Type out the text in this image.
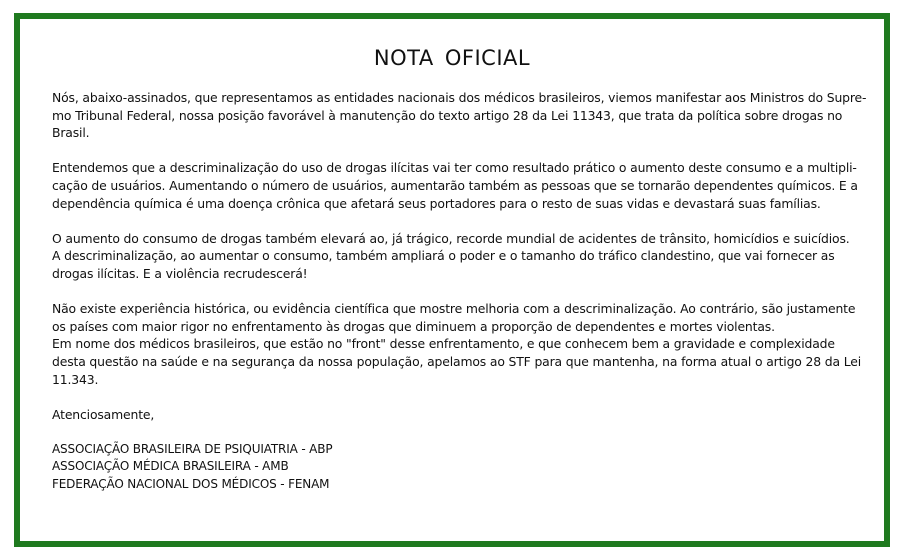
NOTA OFICIAL

Nós, abaixo-assinados, que representamos as entidades nacionais dos médicos brasileiros, viemos manifestar aos Ministros do Supre-
mo Tribunal Federal, nossa posição favorável à manutenção do texto artigo 28 da Lei 11343, que trata da política sobre drogas no
Brasil.

Entendemos que a descriminalização do uso de drogas ilícitas vai ter como resultado prático o aumento deste consumo e a multipli-
cação de usuários. Aumentando o número de usuários, aumentarão também as pessoas que se tornarão dependentes químicos. E a
dependência química é uma doença crônica que afetará seus portadores para o resto de suas vidas e devastará suas famílias.

O aumento do consumo de drogas também elevará ao, já trágico, recorde mundial de acidentes de trânsito, homicídios e suicídios.
A descriminalização, ao aumentar o consumo, também ampliará o poder e o tamanho do tráfico clandestino, que vai fornecer as
drogas ilícitas. E a violência recrudescerá!

Não existe experiência histórica, ou evidência científica que mostre melhoria com a descriminalização. Ao contrário, são justamente
os países com maior rigor no enfrentamento às drogas que diminuem a proporção de dependentes e mortes violentas.
Em nome dos médicos brasileiros, que estão no "front" desse enfrentamento, e que conhecem bem a gravidade e complexidade
desta questão na saúde e na segurança da nossa população, apelamos ao STF para que mantenha, na forma atual o artigo 28 da Lei
11.343.

Atenciosamente,

ASSOCIAÇÃO BRASILEIRA DE PSIQUIATRIA - ABP
ASSOCIAÇÃO MÉDICA BRASILEIRA - AMB
FEDERAÇÃO NACIONAL DOS MÉDICOS - FENAM
